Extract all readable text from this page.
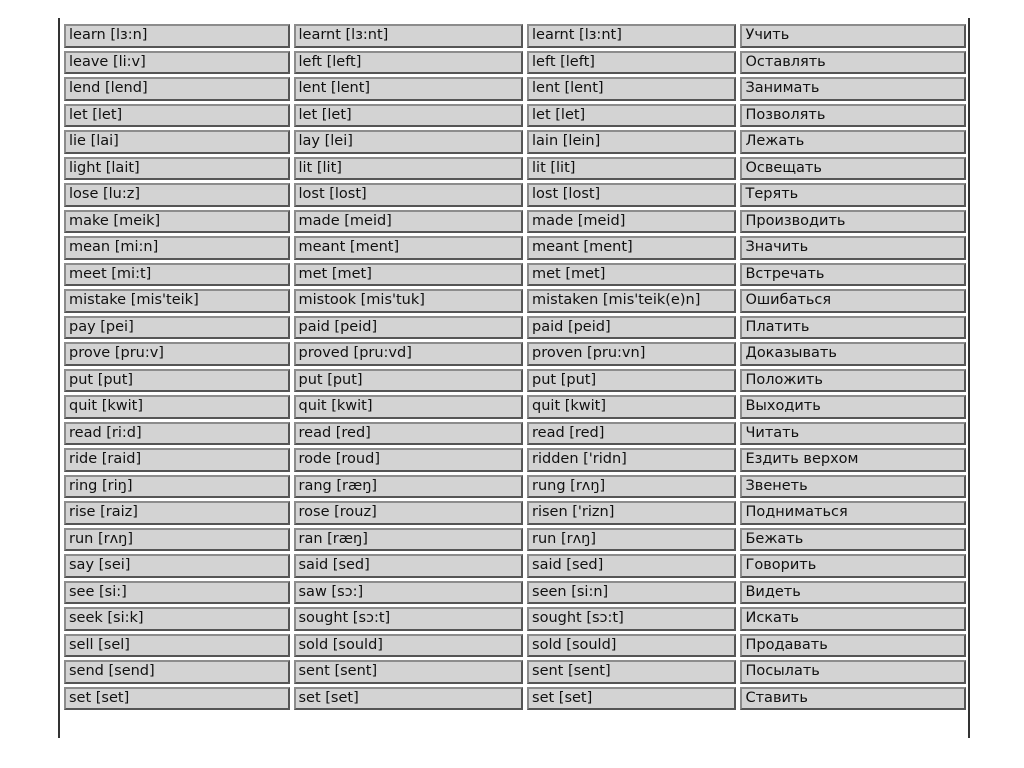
learn [lɜ:n]	learnt [lɜ:nt]	learnt [lɜ:nt]	Учить
leave [li:v]	left [left]	left [left]	Оставлять
lend [lend]	lent [lent]	lent [lent]	Занимать
let [let]	let [let]	let [let]	Позволять
lie [lai]	lay [lei]	lain [lein]	Лежать
light [lait]	lit [lit]	lit [lit]	Освещать
lose [lu:z]	lost [lost]	lost [lost]	Терять
make [meik]	made [meid]	made [meid]	Производить
mean [mi:n]	meant [ment]	meant [ment]	Значить
meet [mi:t]	met [met]	met [met]	Встречать
mistake [mis'teik]	mistook [mis'tuk]	mistaken [mis'teik(e)n]	Ошибаться
pay [pei]	paid [peid]	paid [peid]	Платить
prove [pru:v]	proved [pru:vd]	proven [pru:vn]	Доказывать
put [put]	put [put]	put [put]	Положить
quit [kwit]	quit [kwit]	quit [kwit]	Выходить
read [ri:d]	read [red]	read [red]	Читать
ride [raid]	rode [roud]	ridden ['ridn]	Ездить верхом
ring [riŋ]	rang [ræŋ]	rung [rʌŋ]	Звенеть
rise [raiz]	rose [rouz]	risen ['rizn]	Подниматься
run [rʌŋ]	ran [ræŋ]	run [rʌŋ]	Бежать
say [sei]	said [sed]	said [sed]	Говорить
see [si:]	saw [sɔ:]	seen [si:n]	Видеть
seek [si:k]	sought [sɔ:t]	sought [sɔ:t]	Искать
sell [sel]	sold [sould]	sold [sould]	Продавать
send [send]	sent [sent]	sent [sent]	Посылать
set [set]	set [set]	set [set]	Ставить
